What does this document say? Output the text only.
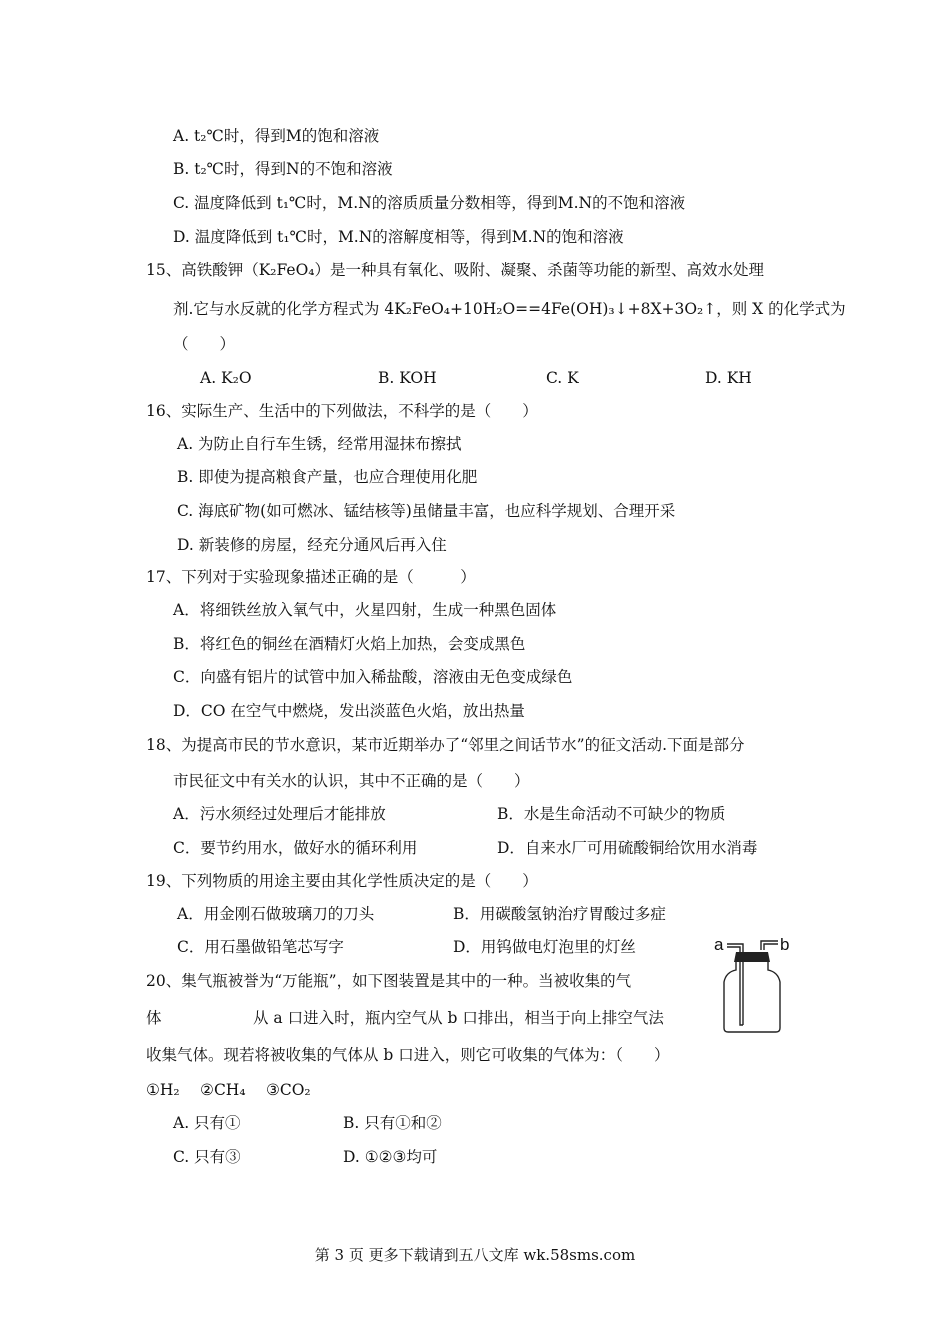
A. t₂℃时，得到M的饱和溶液
B. t₂℃时，得到N的不饱和溶液
C. 温度降低到 t₁℃时，M.N的溶质质量分数相等，得到M.N的不饱和溶液
D. 温度降低到 t₁℃时，M.N的溶解度相等，得到M.N的饱和溶液
15、高铁酸钾（K₂FeO₄）是一种具有氧化、吸附、凝聚、杀菌等功能的新型、高效水处理
剂.它与水反就的化学方程式为 4K₂FeO₄+10H₂O==4Fe(OH)₃↓+8X+3O₂↑，则 X 的化学式为
（　　）
A. K₂O	B. KOH	C. K	D. KH
16、实际生产、生活中的下列做法，不科学的是（　　）
A. 为防止自行车生锈，经常用湿抹布擦拭
B. 即使为提高粮食产量，也应合理使用化肥
C. 海底矿物(如可燃冰、锰结核等)虽储量丰富，也应科学规划、合理开采
D. 新装修的房屋，经充分通风后再入住
17、下列对于实验现象描述正确的是（　　　）
A．将细铁丝放入氧气中，火星四射，生成一种黑色固体
B．将红色的铜丝在酒精灯火焰上加热，会变成黑色
C．向盛有铝片的试管中加入稀盐酸，溶液由无色变成绿色
D．CO 在空气中燃烧，发出淡蓝色火焰，放出热量
18、为提高市民的节水意识，某市近期举办了“邻里之间话节水”的征文活动.下面是部分
市民征文中有关水的认识，其中不正确的是（　　）
A．污水须经过处理后才能排放	B．水是生命活动不可缺少的物质
C．要节约用水，做好水的循环利用	D．自来水厂可用硫酸铜给饮用水消毒
19、下列物质的用途主要由其化学性质决定的是（　　）
A．用金刚石做玻璃刀的刀头	B．用碳酸氢钠治疗胃酸过多症
C．用石墨做铅笔芯写字	D．用钨做电灯泡里的灯丝
20、集气瓶被誉为“万能瓶”，如下图装置是其中的一种。当被收集的气
体	从 a 口进入时，瓶内空气从 b 口排出，相当于向上排空气法
收集气体。现若将被收集的气体从 b 口进入，则它可收集的气体为：（　　）
①H₂　 ②CH₄　 ③CO₂
A. 只有①	B. 只有①和②
C. 只有③	D. ①②③均可
a	b
第 3 页 更多下载请到五八文库 wk.58sms.com
